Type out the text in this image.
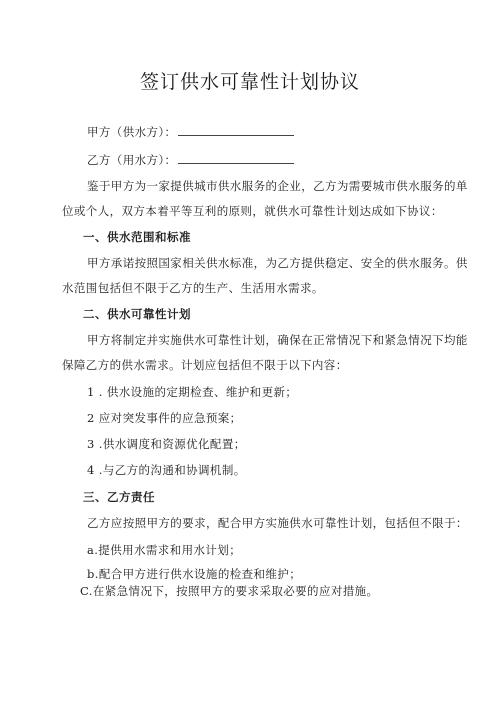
签订供水可靠性计划协议
甲方（供水方）：
乙方（用水方）：
鉴于甲方为一家提供城市供水服务的企业，乙方为需要城市供水服务的单
位或个人，双方本着平等互利的原则，就供水可靠性计划达成如下协议：
一、供水范围和标准
甲方承诺按照国家相关供水标准，为乙方提供稳定、安全的供水服务。供
水范围包括但不限于乙方的生产、生活用水需求。
二、供水可靠性计划
甲方将制定并实施供水可靠性计划，确保在正常情况下和紧急情况下均能
保障乙方的供水需求。计划应包括但不限于以下内容：
1 . 供水设施的定期检查、维护和更新；
2 应对突发事件的应急预案；
3 .供水调度和资源优化配置；
4 .与乙方的沟通和协调机制。
三、乙方责任
乙方应按照甲方的要求，配合甲方实施供水可靠性计划，包括但不限于：
a.提供用水需求和用水计划；
b.配合甲方进行供水设施的检查和维护；
C.在紧急情况下，按照甲方的要求采取必要的应对措施。
